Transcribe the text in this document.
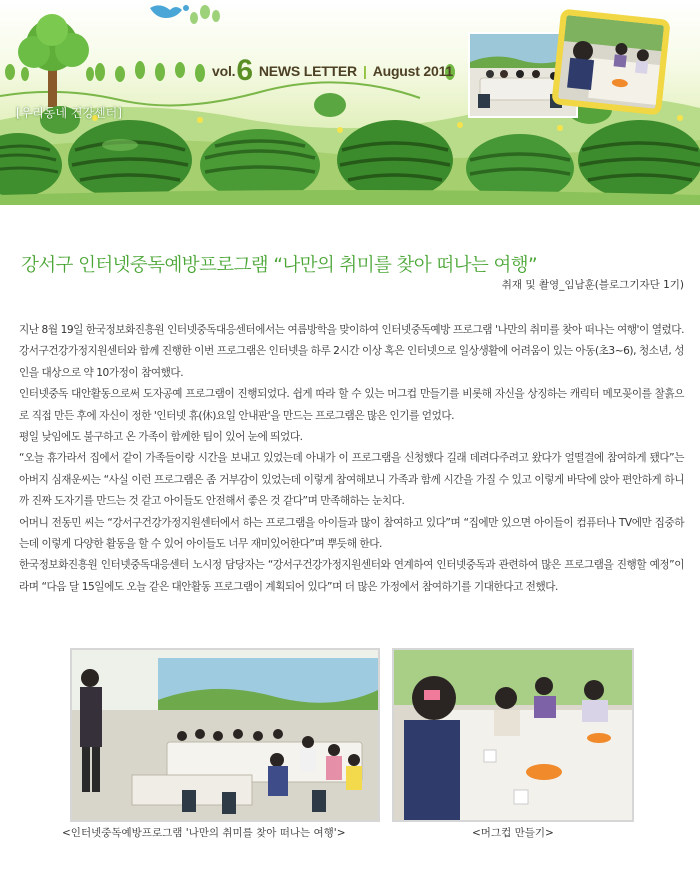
vol.6 NEWS LETTER | August 2011
[우리동네 건강센터]
강서구 인터넷중독예방프로그램 “나만의 취미를 찾아 떠나는 여행”
취재 및 촬영_임남훈(블로그기자단 1기)

지난 8월 19일 한국정보화진흥원 인터넷중독대응센터에서는 여름방학을 맞이하여 인터넷중독예방 프로그램 '나만의 취미를 찾아 떠나는 여행'이 열렸다. 강서구건강가정지원센터와 함께 진행한 이번 프로그램은 인터넷을 하루 2시간 이상 혹은 인터넷으로 일상생활에 어려움이 있는 아동(초3~6), 청소년, 성인을 대상으로 약 10가정이 참여했다.

인터넷중독 대안활동으로써 도자공예 프로그램이 진행되었다. 쉽게 따라 할 수 있는 머그컵 만들기를 비롯해 자신을 상징하는 캐릭터 메모꽂이를 찰흙으로 직접 만든 후에 자신이 정한 '인터넷 휴(休)요일 안내판'을 만드는 프로그램은 많은 인기를 얻었다.

평일 낮임에도 불구하고 온 가족이 함께한 팀이 있어 눈에 띄었다.

“오늘 휴가라서 집에서 같이 가족들이랑 시간을 보내고 있었는데 아내가 이 프로그램을 신청했다 길래 데려다주려고 왔다가 얼떨결에 참여하게 됐다”는 아버지 심재운씨는 “사실 이런 프로그램은 좀 거부감이 있었는데 이렇게 참여해보니 가족과 함께 시간을 가질 수 있고 이렇게 바닥에 앉아 편안하게 하니까 진짜 도자기를 만드는 것 같고 아이들도 안전해서 좋은 것 같다”며 만족해하는 눈치다.

어머니 전동민 씨는 “강서구건강가정지원센터에서 하는 프로그램을 아이들과 많이 참여하고 있다”며 “집에만 있으면 아이들이 컴퓨터나 TV에만 집중하는데 이렇게 다양한 활동을 할 수 있어 아이들도 너무 재미있어한다”며 뿌듯해 한다.

한국정보화진흥원 인터넷중독대응센터 노시정 담당자는 “강서구건강가정지원센터와 연계하여 인터넷중독과 관련하여 많은 프로그램을 진행할 예정”이라며 “다음 달 15일에도 오늘 같은 대안활동 프로그램이 계획되어 있다”며 더 많은 가정에서 참여하기를 기대한다고 전했다.

<인터넷중독예방프로그램 '나만의 취미를 찾아 떠나는 여행'>	<머그컵 만들기>
